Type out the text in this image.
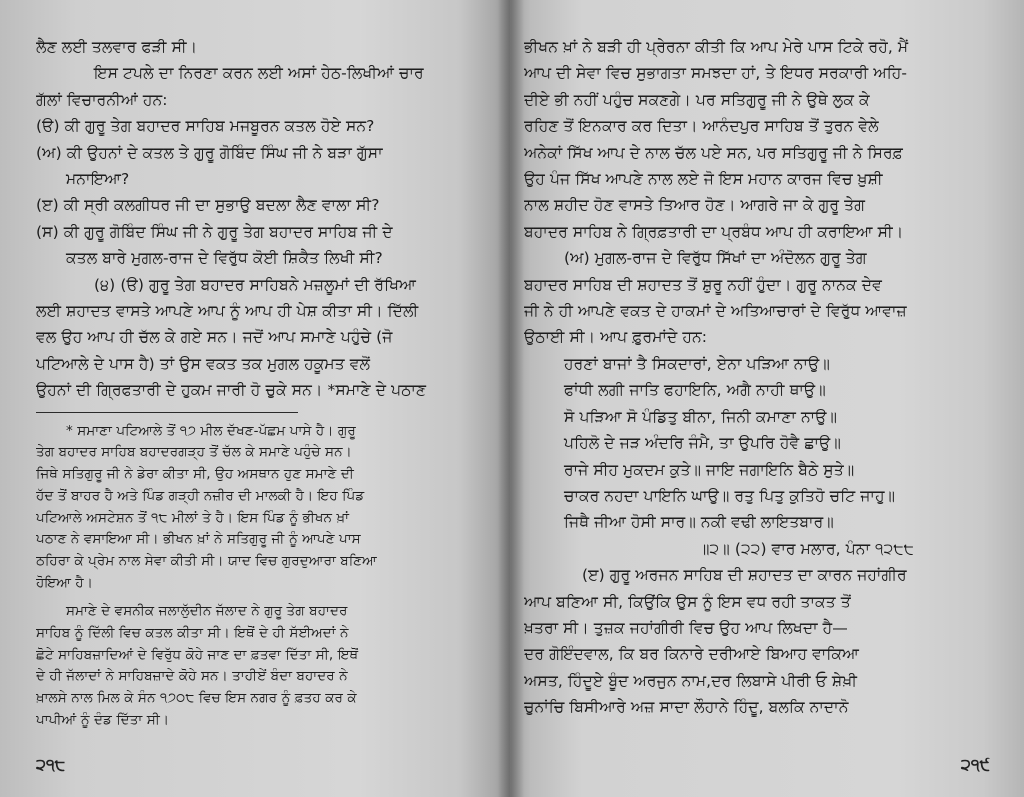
ਲੈਣ ਲਈ ਤਲਵਾਰ ਫੜੀ ਸੀ।
ਇਸ ਟਪਲੇ ਦਾ ਨਿਰਣਾ ਕਰਨ ਲਈ ਅਸਾਂ ਹੇਠ-ਲਿਖੀਆਂ ਚਾਰ
ਗੱਲਾਂ ਵਿਚਾਰਨੀਆਂ ਹਨ:
(ੳ) ਕੀ ਗੁਰੂ ਤੇਗ ਬਹਾਦਰ ਸਾਹਿਬ ਮਜਬੂਰਨ ਕਤਲ ਹੋਏ ਸਨ?
(ਅ) ਕੀ ਉਹਨਾਂ ਦੇ ਕਤਲ ਤੇ ਗੁਰੂ ਗੋਬਿੰਦ ਸਿੰਘ ਜੀ ਨੇ ਬੜਾ ਗੁੱਸਾ
ਮਨਾਇਆ?
(ੲ) ਕੀ ਸ੍ਰੀ ਕਲਗੀਧਰ ਜੀ ਦਾ ਸੁਭਾਉ ਬਦਲਾ ਲੈਣ ਵਾਲਾ ਸੀ?
(ਸ) ਕੀ ਗੁਰੂ ਗੋਬਿੰਦ ਸਿੰਘ ਜੀ ਨੇ ਗੁਰੂ ਤੇਗ ਬਹਾਦਰ ਸਾਹਿਬ ਜੀ ਦੇ
ਕਤਲ ਬਾਰੇ ਮੁਗਲ-ਰਾਜ ਦੇ ਵਿਰੁੱਧ ਕੋਈ ਸ਼ਿਕੈਤ ਲਿਖੀ ਸੀ?
(੪) (ੳ) ਗੁਰੂ ਤੇਗ ਬਹਾਦਰ ਸਾਹਿਬਨੇ ਮਜ਼ਲੂਮਾਂ ਦੀ ਰੱਖਿਆ
ਲਈ ਸ਼ਹਾਦਤ ਵਾਸਤੇ ਆਪਣੇ ਆਪ ਨੂੰ ਆਪ ਹੀ ਪੇਸ਼ ਕੀਤਾ ਸੀ। ਦਿੱਲੀ
ਵਲ ਉਹ ਆਪ ਹੀ ਚੱਲ ਕੇ ਗਏ ਸਨ। ਜਦੋਂ ਆਪ ਸਮਾਣੇ ਪਹੁੰਚੇ (ਜੋ
ਪਟਿਆਲੇ ਦੇ ਪਾਸ ਹੈ) ਤਾਂ ਉਸ ਵਕਤ ਤਕ ਮੁਗਲ ਹਕੂਮਤ ਵਲੋਂ
ਉਹਨਾਂ ਦੀ ਗ੍ਰਿਫਤਾਰੀ ਦੇ ਹੁਕਮ ਜਾਰੀ ਹੋ ਚੁਕੇ ਸਨ। *ਸਮਾਣੇ ਦੇ ਪਠਾਣ
* ਸਮਾਣਾ ਪਟਿਆਲੇ ਤੋਂ ੧੭ ਮੀਲ ਦੱਖਣ-ਪੱਛਮ ਪਾਸੇ ਹੈ। ਗੁਰੂ
ਤੇਗ ਬਹਾਦਰ ਸਾਹਿਬ ਬਹਾਦਰਗੜ੍ਹ ਤੋਂ ਚੱਲ ਕੇ ਸਮਾਣੇ ਪਹੁੰਚੇ ਸਨ।
ਜਿਥੇ ਸਤਿਗੁਰੂ ਜੀ ਨੇ ਡੇਰਾ ਕੀਤਾ ਸੀ, ਉਹ ਅਸਥਾਨ ਹੁਣ ਸਮਾਣੇ ਦੀ
ਹੱਦ ਤੋਂ ਬਾਹਰ ਹੈ ਅਤੇ ਪਿੰਡ ਗੜ੍ਹੀ ਨਜ਼ੀਰ ਦੀ ਮਾਲਕੀ ਹੈ। ਇਹ ਪਿੰਡ
ਪਟਿਆਲੇ ਅਸਟੇਸ਼ਨ ਤੋਂ ੧੮ ਮੀਲਾਂ ਤੇ ਹੈ। ਇਸ ਪਿੰਡ ਨੂੰ ਭੀਖਨ ਖ਼ਾਂ
ਪਠਾਣ ਨੇ ਵਸਾਇਆ ਸੀ। ਭੀਖਨ ਖ਼ਾਂ ਨੇ ਸਤਿਗੁਰੂ ਜੀ ਨੂੰ ਆਪਣੇ ਪਾਸ
ਠਹਿਰਾ ਕੇ ਪ੍ਰੇਮ ਨਾਲ ਸੇਵਾ ਕੀਤੀ ਸੀ। ਯਾਦ ਵਿਚ ਗੁਰਦੁਆਰਾ ਬਣਿਆ
ਹੋਇਆ ਹੈ।
ਸਮਾਣੇ ਦੇ ਵਸਨੀਕ ਜਲਾਲੁੱਦੀਨ ਜੱਲਾਦ ਨੇ ਗੁਰੂ ਤੇਗ ਬਹਾਦਰ
ਸਾਹਿਬ ਨੂੰ ਦਿੱਲੀ ਵਿਚ ਕਤਲ ਕੀਤਾ ਸੀ। ਇਥੋਂ ਦੇ ਹੀ ਸੱਈਅਦਾਂ ਨੇ
ਛੋਟੇ ਸਾਹਿਬਜ਼ਾਦਿਆਂ ਦੇ ਵਿਰੁੱਧ ਕੋਹੇ ਜਾਣ ਦਾ ਫ਼ਤਵਾ ਦਿੱਤਾ ਸੀ, ਇਥੋਂ
ਦੇ ਹੀ ਜੱਲਾਦਾਂ ਨੇ ਸਾਹਿਬਜ਼ਾਦੇ ਕੋਹੇ ਸਨ। ਤਾਹੀਏਂ ਬੰਦਾ ਬਹਾਦਰ ਨੇ
ਖ਼ਾਲਸੇ ਨਾਲ ਮਿਲ ਕੇ ਸੰਨ ੧੭੦੮ ਵਿਚ ਇਸ ਨਗਰ ਨੂੰ ਫ਼ਤਹ ਕਰ ਕੇ
ਪਾਪੀਆਂ ਨੂੰ ਦੰਡ ਦਿੱਤਾ ਸੀ।
੨੧੮
ਭੀਖਨ ਖ਼ਾਂ ਨੇ ਬੜੀ ਹੀ ਪ੍ਰੇਰਨਾ ਕੀਤੀ ਕਿ ਆਪ ਮੇਰੇ ਪਾਸ ਟਿਕੇ ਰਹੋ, ਮੈਂ
ਆਪ ਦੀ ਸੇਵਾ ਵਿਚ ਸੁਭਾਗਤਾ ਸਮਝਦਾ ਹਾਂ, ਤੇ ਇਧਰ ਸਰਕਾਰੀ ਅਹਿ-
ਦੀਏ ਭੀ ਨਹੀਂ ਪਹੁੰਚ ਸਕਣਗੇ। ਪਰ ਸਤਿਗੁਰੂ ਜੀ ਨੇ ਉਥੇ ਲੁਕ ਕੇ
ਰਹਿਣ ਤੋਂ ਇਨਕਾਰ ਕਰ ਦਿਤਾ। ਆਨੰਦਪੁਰ ਸਾਹਿਬ ਤੋਂ ਤੁਰਨ ਵੇਲੇ
ਅਨੇਕਾਂ ਸਿੱਖ ਆਪ ਦੇ ਨਾਲ ਚੱਲ ਪਏ ਸਨ, ਪਰ ਸਤਿਗੁਰੂ ਜੀ ਨੇ ਸਿਰਫ਼
ਉਹ ਪੰਜ ਸਿੱਖ ਆਪਣੇ ਨਾਲ ਲਏ ਜੋ ਇਸ ਮਹਾਨ ਕਾਰਜ ਵਿਚ ਖ਼ੁਸ਼ੀ
ਨਾਲ ਸ਼ਹੀਦ ਹੋਣ ਵਾਸਤੇ ਤਿਆਰ ਹੋਣ। ਆਗਰੇ ਜਾ ਕੇ ਗੁਰੂ ਤੇਗ
ਬਹਾਦਰ ਸਾਹਿਬ ਨੇ ਗ੍ਰਿਫ਼ਤਾਰੀ ਦਾ ਪ੍ਰਬੰਧ ਆਪ ਹੀ ਕਰਾਇਆ ਸੀ।
(ਅ) ਮੁਗਲ-ਰਾਜ ਦੇ ਵਿਰੁੱਧ ਸਿੱਖਾਂ ਦਾ ਅੰਦੋਲਨ ਗੁਰੂ ਤੇਗ
ਬਹਾਦਰ ਸਾਹਿਬ ਦੀ ਸ਼ਹਾਦਤ ਤੋਂ ਸ਼ੁਰੂ ਨਹੀਂ ਹੁੰਦਾ। ਗੁਰੂ ਨਾਨਕ ਦੇਵ
ਜੀ ਨੇ ਹੀ ਆਪਣੇ ਵਕਤ ਦੇ ਹਾਕਮਾਂ ਦੇ ਅਤਿਆਚਾਰਾਂ ਦੇ ਵਿਰੁੱਧ ਆਵਾਜ਼
ਉਠਾਈ ਸੀ। ਆਪ ਫ਼ੁਰਮਾਂਦੇ ਹਨ:
ਹਰਣਾਂ ਬਾਜਾਂ ਤੈ ਸਿਕਦਾਰਾਂ, ਏਨਾ ਪੜਿਆ ਨਾਉ॥
ਫਾਂਧੀ ਲਗੀ ਜਾਤਿ ਫਹਾਇਨਿ, ਅਗੈ ਨਾਹੀ ਥਾਉ॥
ਸੋ ਪੜਿਆ ਸੋ ਪੰਡਿਤੁ ਬੀਨਾ, ਜਿਨੀ ਕਮਾਣਾ ਨਾਉ॥
ਪਹਿਲੋ ਦੇ ਜੜ ਅੰਦਰਿ ਜੰਮੈ, ਤਾ ਉਪਰਿ ਹੋਵੈ ਛਾਉ॥
ਰਾਜੇ ਸੀਹ ਮੁਕਦਮ ਕੁਤੇ॥ ਜਾਇ ਜਗਾਇਨਿ ਬੈਠੇ ਸੁਤੇ॥
ਚਾਕਰ ਨਹਦਾ ਪਾਇਨਿ ਘਾਉ॥ ਰਤੁ ਪਿਤੁ ਕੁਤਿਹੋ ਚਟਿ ਜਾਹੁ॥
ਜਿਥੈ ਜੀਆ ਹੋਸੀ ਸਾਰ॥ ਨਕੀ ਵਢੀ ਲਾਇਤਬਾਰ॥
॥੨॥ (੨੨) ਵਾਰ ਮਲਾਰ, ਪੰਨਾ ੧੨੮੮
(ੲ) ਗੁਰੂ ਅਰਜਨ ਸਾਹਿਬ ਦੀ ਸ਼ਹਾਦਤ ਦਾ ਕਾਰਨ ਜਹਾਂਗੀਰ
ਆਪ ਬਣਿਆ ਸੀ, ਕਿਉਂਕਿ ਉਸ ਨੂੰ ਇਸ ਵਧ ਰਹੀ ਤਾਕਤ ਤੋਂ
ਖ਼ਤਰਾ ਸੀ। ਤੁਜ਼ਕ ਜਹਾਂਗੀਰੀ ਵਿਚ ਉਹ ਆਪ ਲਿਖਦਾ ਹੈ—
ਦਰ ਗੋਇੰਦਵਾਲ, ਕਿ ਬਰ ਕਿਨਾਰੇ ਦਰੀਆਏ ਬਿਆਹ ਵਾਕਿਆ
ਅਸਤ, ਹਿੰਦੂਏ ਬੂੰਦ ਅਰਜੁਨ ਨਾਮ,ਦਰ ਲਿਬਾਸੇ ਪੀਰੀ ਓ ਸ਼ੇਖ਼ੀ
ਚੁਨਾਂਚਿ ਬਿਸੀਆਰੇ ਅਜ਼ ਸਾਦਾ ਲੌਹਾਨੇ ਹਿੰਦੂ, ਬਲਕਿ ਨਾਦਾਨੋ
੨੧੯
